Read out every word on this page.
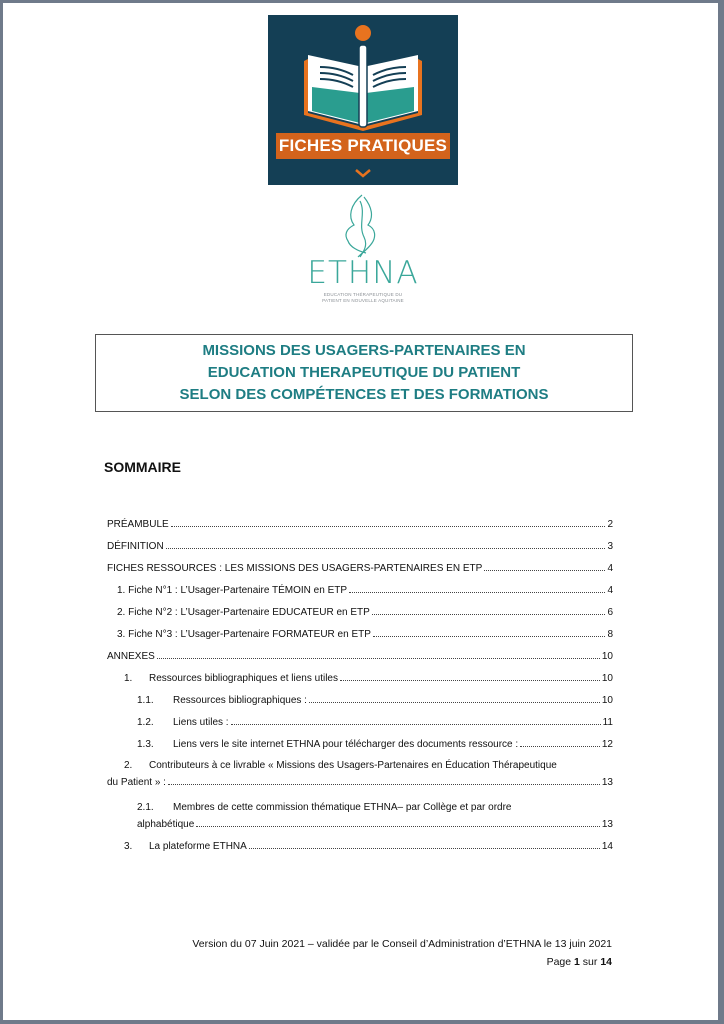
FICHES PRATIQUES
ETHNA
EDUCATION THÉRAPEUTIQUE DU
PATIENT EN NOUVELLE AQUITAINE
MISSIONS DES USAGERS-PARTENAIRES EN
EDUCATION THERAPEUTIQUE DU PATIENT
SELON DES COMPÉTENCES ET DES FORMATIONS
SOMMAIRE
PRÉAMBULE	2
DÉFINITION	3
FICHES RESSOURCES : LES MISSIONS DES USAGERS-PARTENAIRES EN ETP	4
1. Fiche N°1 : L’Usager-Partenaire TÉMOIN en ETP	4
2. Fiche N°2 : L’Usager-Partenaire EDUCATEUR en ETP	6
3. Fiche N°3 : L’Usager-Partenaire FORMATEUR en ETP	8
ANNEXES	10
1. Ressources bibliographiques et liens utiles	10
1.1. Ressources bibliographiques :	10
1.2. Liens utiles :	11
1.3. Liens vers le site internet ETHNA pour télécharger des documents ressource :	12
2. Contributeurs à ce livrable « Missions des Usagers-Partenaires en Éducation Thérapeutique
du Patient » :	13
2.1. Membres de cette commission thématique ETHNA– par Collège et par ordre
alphabétique	13
3. La plateforme ETHNA	14
Version du 07 Juin 2021 – validée par le Conseil d’Administration d’ETHNA le 13 juin 2021
Page 1 sur 14
